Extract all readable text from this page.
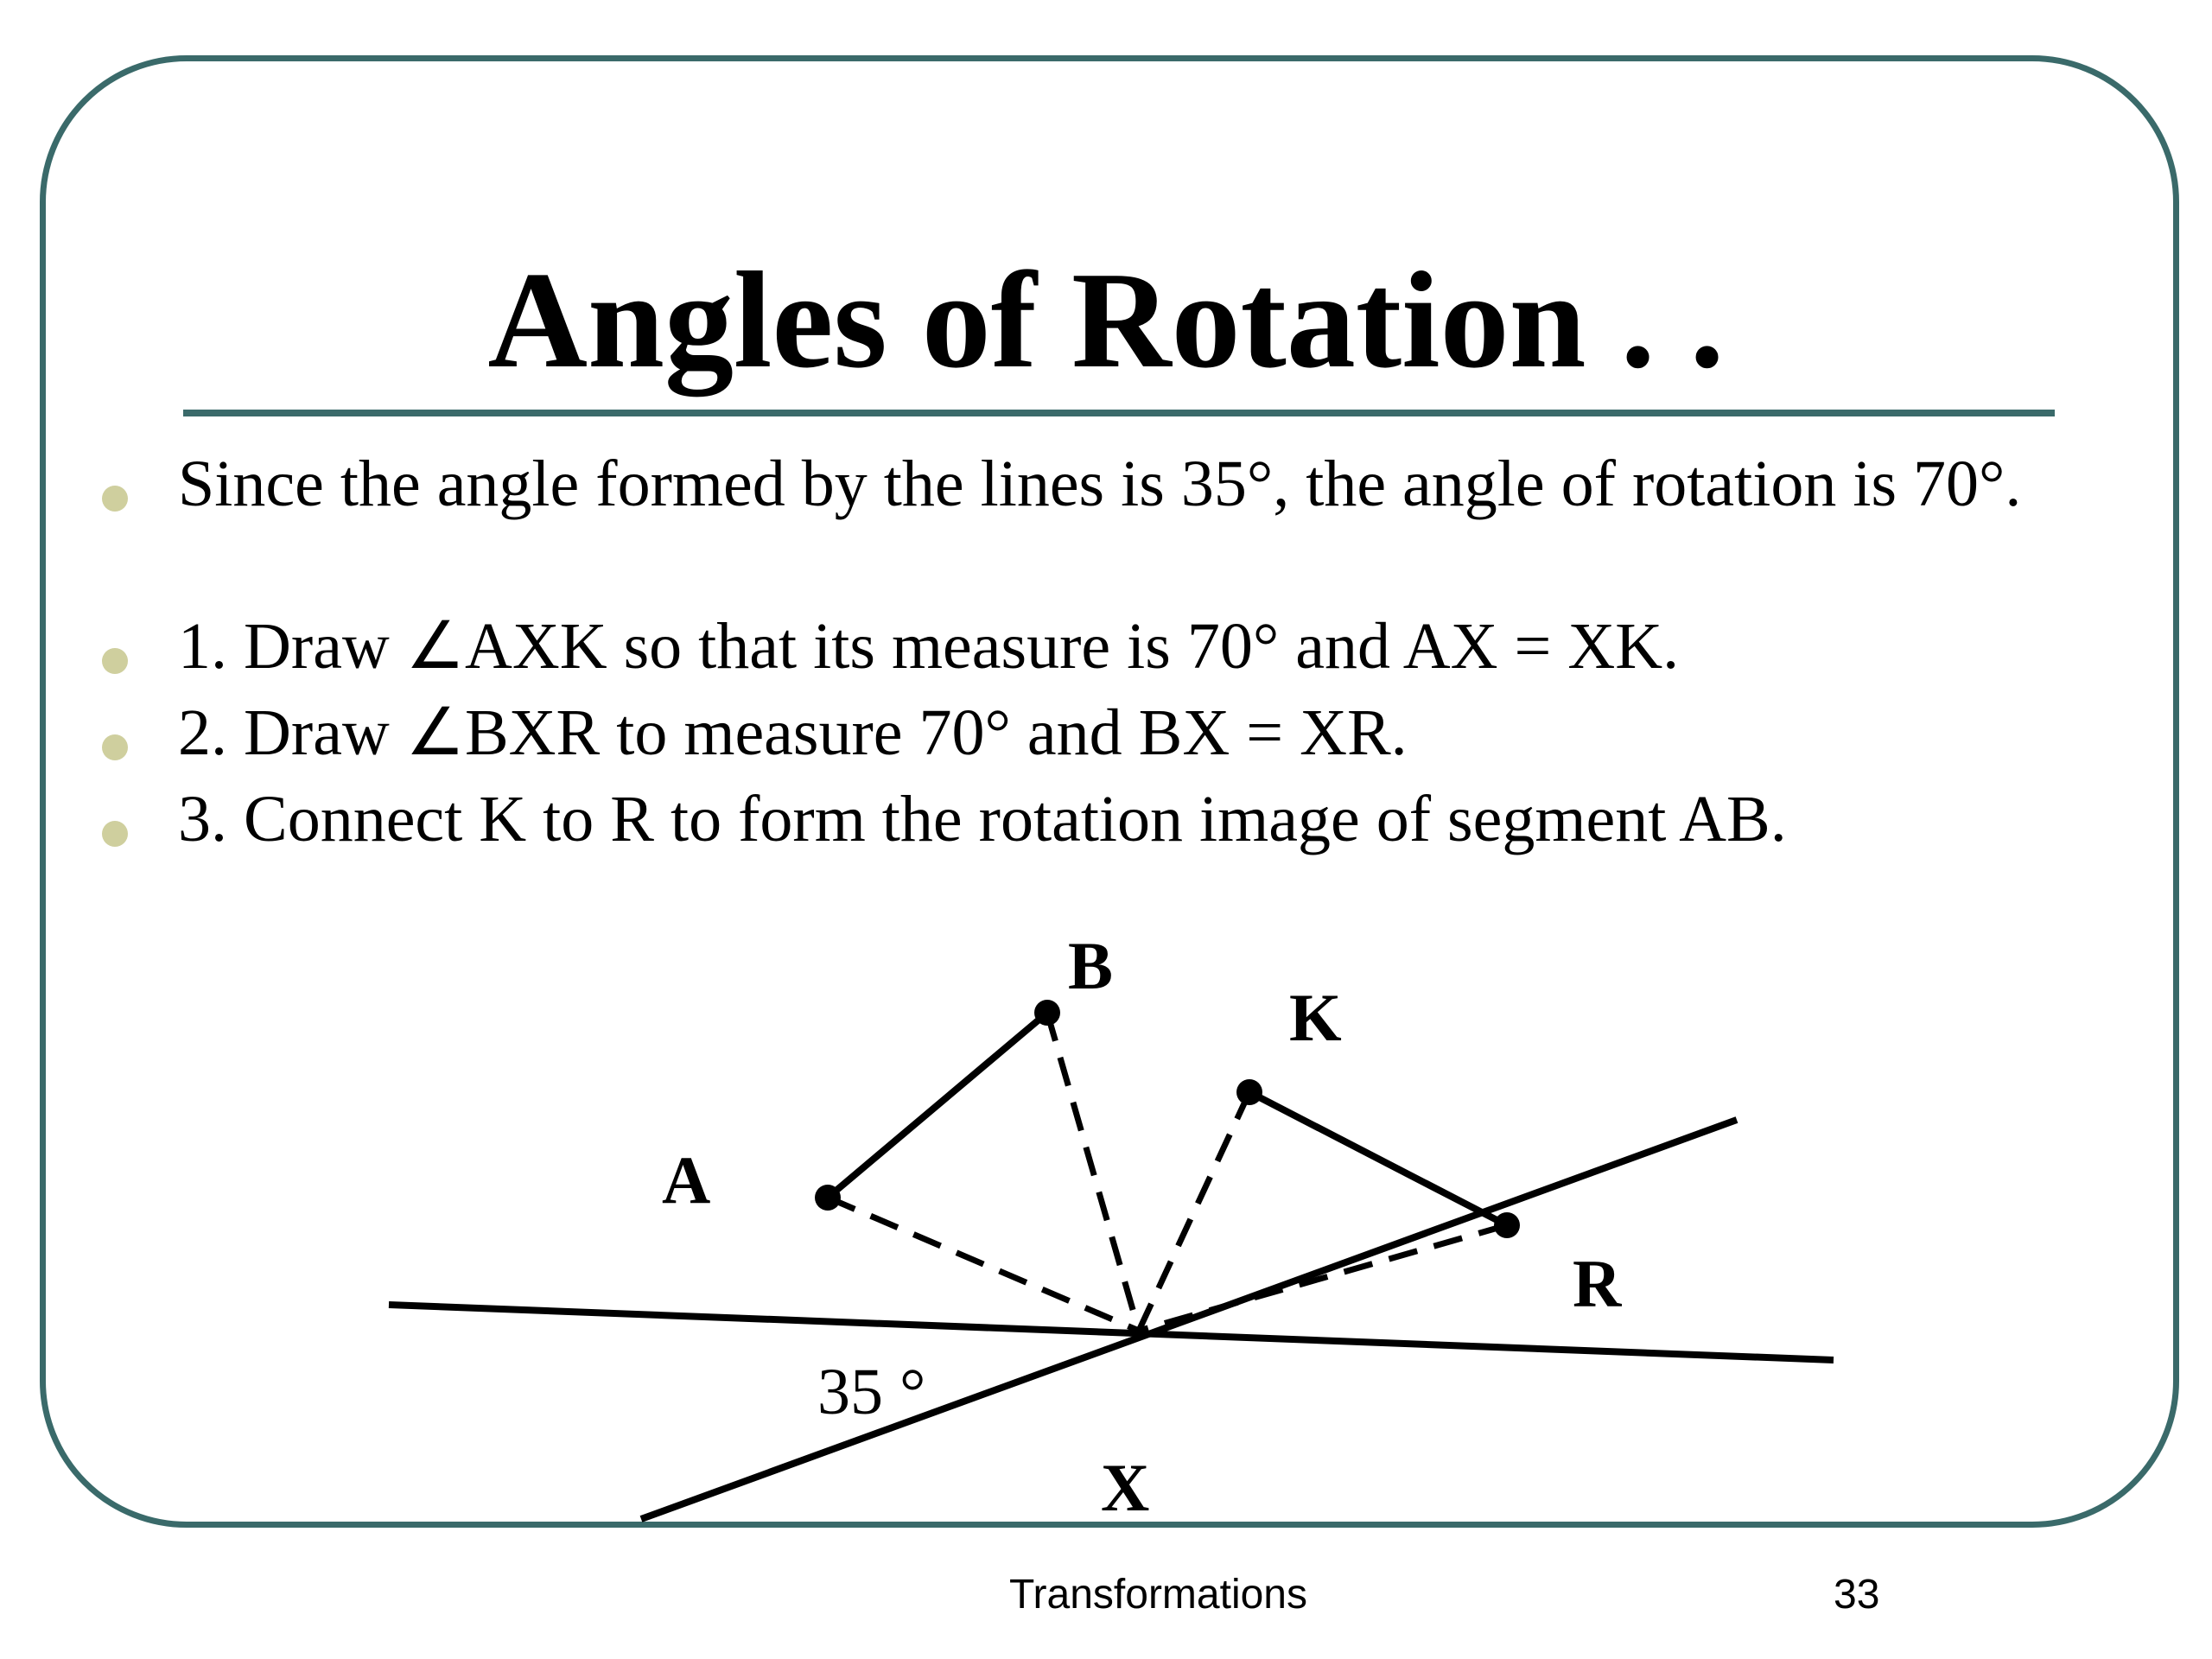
Angles of Rotation . .
Since the angle formed by the lines is 35°, the angle of rotation is 70°.
1. Draw ∠AXK so that its measure is 70° and AX = XK.
2. Draw ∠BXR to measure 70° and BX = XR.
3. Connect K to R to form the rotation image of segment AB.
A
B
K
R
X
35 °
Transformations	33
